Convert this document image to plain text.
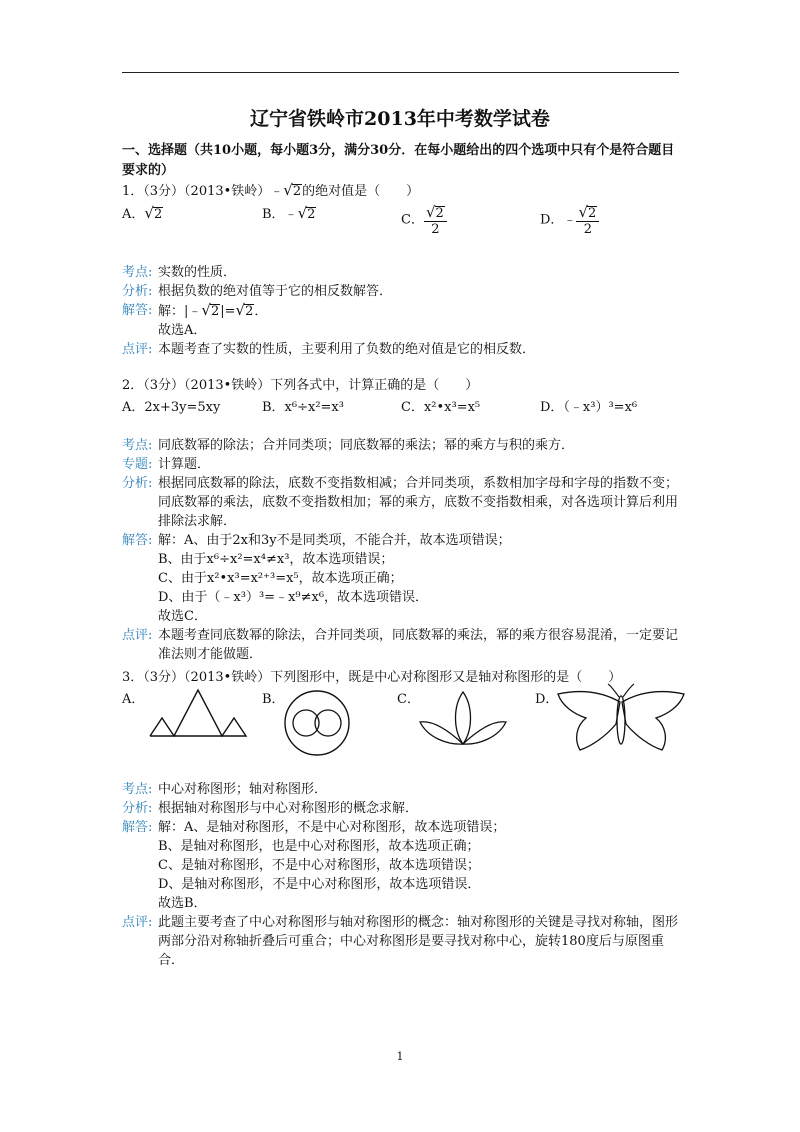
辽宁省铁岭市2013年中考数学试卷
一、选择题（共10小题，每小题3分，满分30分．在每小题给出的四个选项中只有个是符合题目要求的）
1．（3分）（2013•铁岭）﹣√2的绝对值是（　　）
A．√2	B．﹣√2	C． $\frac{√2}{2}$	D．﹣ $\frac{√2}{2}$
考点: 实数的性质．
分析: 根据负数的绝对值等于它的相反数解答．
解答: 解：|﹣√2|=√2．
故选A．
点评: 本题考查了实数的性质，主要利用了负数的绝对值是它的相反数．
2．（3分）（2013•铁岭）下列各式中，计算正确的是（　　）
A．2x+3y=5xy	B．x⁶÷x²=x³	C．x²•x³=x⁵	D．（﹣x³）³=x⁶
考点: 同底数幂的除法；合并同类项；同底数幂的乘法；幂的乘方与积的乘方．
专题: 计算题．
分析: 根据同底数幂的除法，底数不变指数相减；合并同类项，系数相加字母和字母的指数不变；同底数幂的乘法，底数不变指数相加；幂的乘方，底数不变指数相乘，对各选项计算后利用排除法求解．
解答: 解：A、由于2x和3y不是同类项，不能合并，故本选项错误；
B、由于x⁶÷x²=x⁴≠x³，故本选项错误；
C、由于x²•x³=x²⁺³=x⁵，故本选项正确；
D、由于（﹣x³）³=﹣x⁹≠x⁶，故本选项错误．
故选C．
点评: 本题考查同底数幂的除法，合并同类项，同底数幂的乘法，幂的乘方很容易混淆，一定要记准法则才能做题．
3．（3分）（2013•铁岭）下列图形中，既是中心对称图形又是轴对称图形的是（　　）
A．	B．	C．	D．
考点: 中心对称图形；轴对称图形．
分析: 根据轴对称图形与中心对称图形的概念求解．
解答: 解：A、是轴对称图形，不是中心对称图形，故本选项错误；
B、是轴对称图形，也是中心对称图形，故本选项正确；
C、是轴对称图形，不是中心对称图形，故本选项错误；
D、是轴对称图形，不是中心对称图形，故本选项错误．
故选B．
点评: 此题主要考查了中心对称图形与轴对称图形的概念：轴对称图形的关键是寻找对称轴，图形两部分沿对称轴折叠后可重合；中心对称图形是要寻找对称中心，旋转180度后与原图重合．
1
